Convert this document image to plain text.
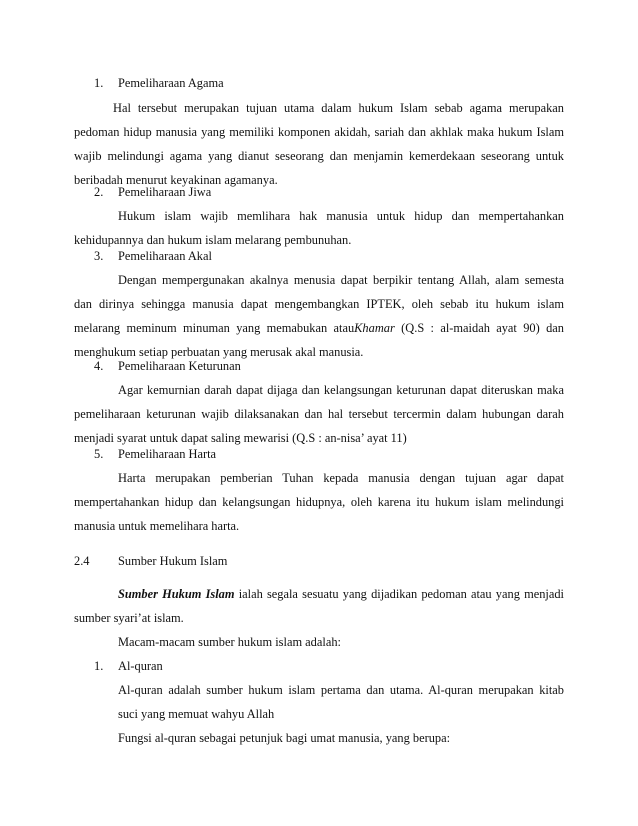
1. Pemeliharaan Agama
Hal tersebut merupakan tujuan utama dalam hukum Islam sebab agama merupakan
pedoman hidup manusia yang memiliki komponen akidah, sariah dan akhlak maka hukum Islam
wajib melindungi agama yang dianut seseorang dan menjamin kemerdekaan seseorang untuk
beribadah menurut keyakinan agamanya.
2. Pemeliharaan Jiwa
Hukum islam wajib memlihara hak manusia untuk hidup dan mempertahankan
kehidupannya dan hukum islam melarang pembunuhan.
3. Pemeliharaan Akal
Dengan mempergunakan akalnya menusia dapat berpikir tentang Allah, alam semesta
dan dirinya sehingga manusia dapat mengembangkan IPTEK, oleh sebab itu hukum islam
melarang meminum minuman yang memabukan atauKhamar (Q.S : al-maidah ayat 90) dan
menghukum setiap perbuatan yang merusak akal manusia.
4. Pemeliharaan Keturunan
Agar kemurnian darah dapat dijaga dan kelangsungan keturunan dapat diteruskan maka
pemeliharaan keturunan wajib dilaksanakan dan hal tersebut tercermin dalam hubungan darah
menjadi syarat untuk dapat saling mewarisi (Q.S : an-nisa’ ayat 11)
5. Pemeliharaan Harta
Harta merupakan pemberian Tuhan kepada manusia dengan tujuan agar dapat
mempertahankan hidup dan kelangsungan hidupnya, oleh karena itu hukum islam melindungi
manusia untuk memelihara harta.
2.4 Sumber Hukum Islam
Sumber Hukum Islam ialah segala sesuatu yang dijadikan pedoman atau yang menjadi
sumber syari’at islam.
Macam-macam sumber hukum islam adalah:
1. Al-quran
Al-quran adalah sumber hukum islam pertama dan utama. Al-quran merupakan kitab
suci yang memuat wahyu Allah
Fungsi al-quran sebagai petunjuk bagi umat manusia, yang berupa:
